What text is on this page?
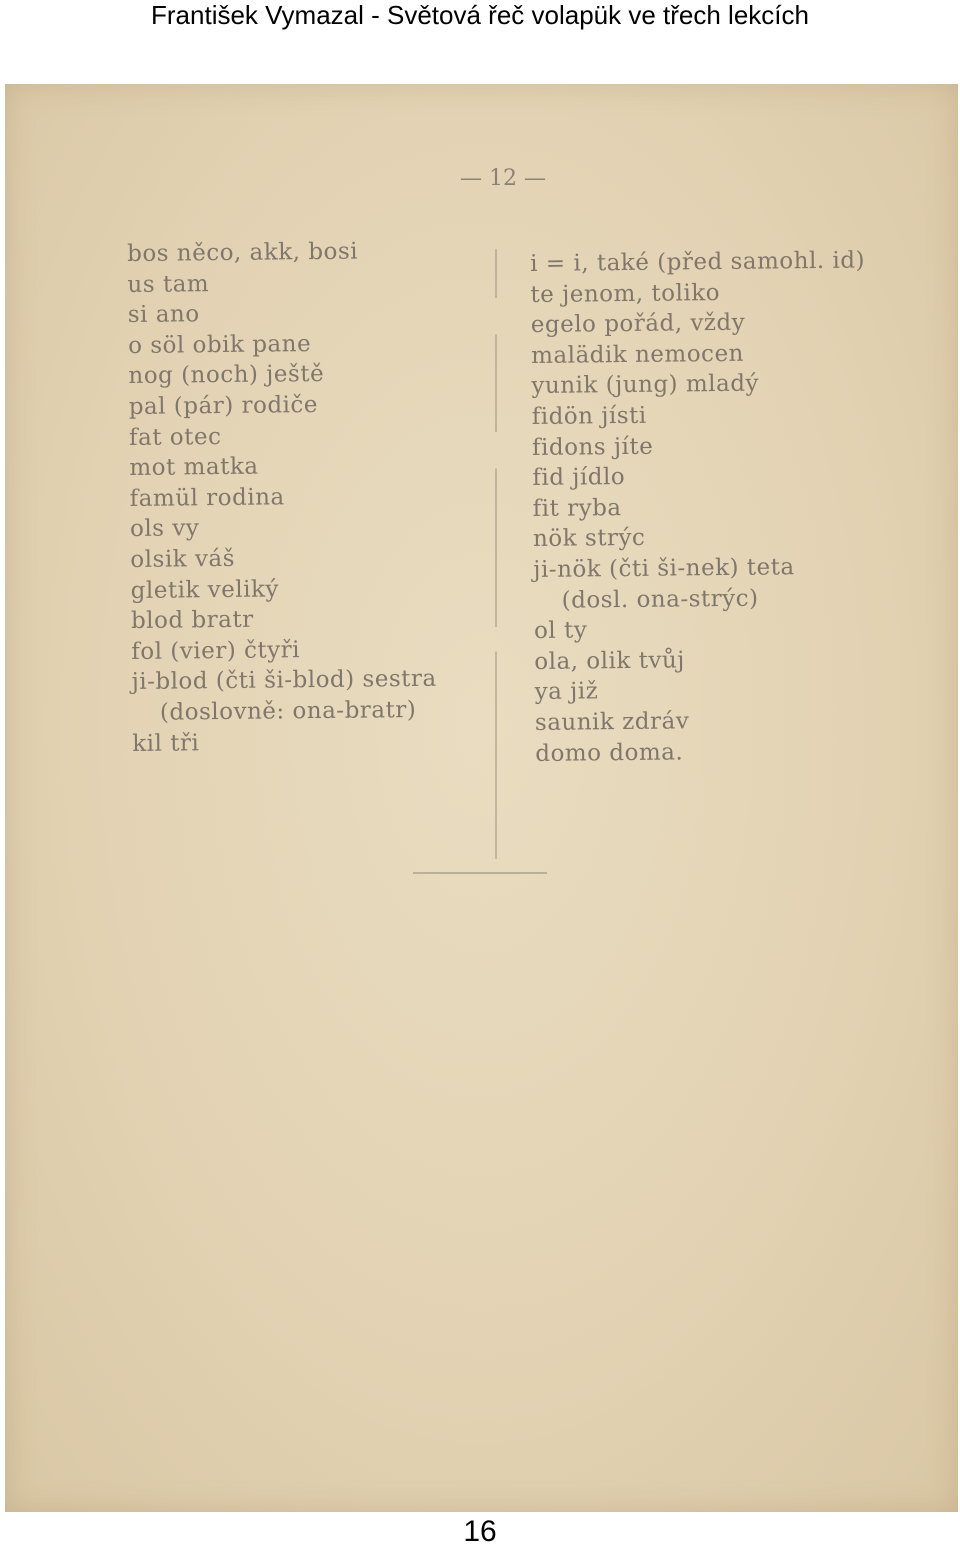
František Vymazal - Světová řeč volapük ve třech lekcích
— 12 —
bos něco, akk, bosi
us tam
si ano
o söl obik pane
nog (noch) ještě
pal (pár) rodiče
fat otec
mot matka
famül rodina
ols vy
olsik váš
gletik veliký
blod bratr
fol (vier) čtyři
ji-blod (čti ši-blod) sestra
(doslovně: ona-bratr)
kil tři
i = i, také (před samohl. id)
te jenom, toliko
egelo pořád, vždy
malädik nemocen
yunik (jung) mladý
fidön jísti
fidons jíte
fid jídlo
fit ryba
nök strýc
ji-nök (čti ši-nek) teta
(dosl. ona-strýc)
ol ty
ola, olik tvůj
ya již
saunik zdráv
domo doma.
16
